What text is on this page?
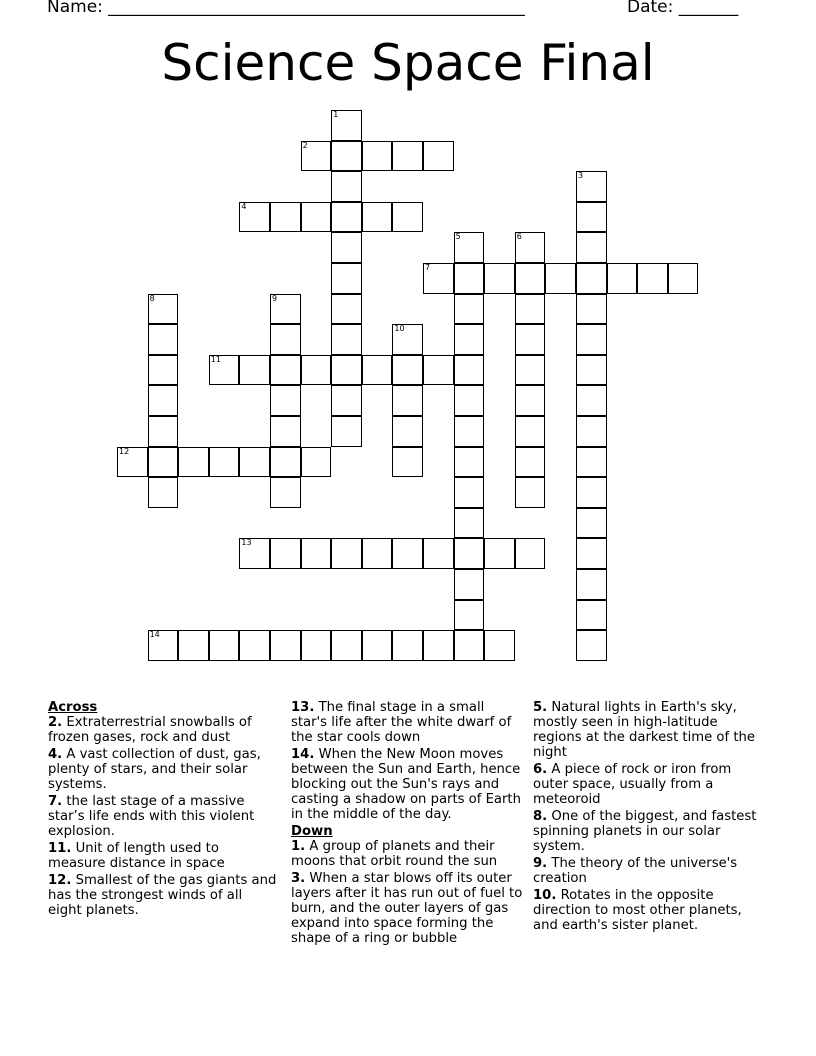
Name: _________________________________________________	Date: _______
Science Space Final
1
2
3
4
5	6
7
8	9
10
11
12
13
14
Across
2. Extraterrestrial snowballs of frozen gases, rock and dust
4. A vast collection of dust, gas, plenty of stars, and their solar systems.
7. the last stage of a massive star’s life ends with this violent explosion.
11. Unit of length used to measure distance in space
12. Smallest of the gas giants and has the strongest winds of all eight planets.
13. The final stage in a small star's life after the white dwarf of the star cools down
14. When the New Moon moves between the Sun and Earth, hence blocking out the Sun's rays and casting a shadow on parts of Earth in the middle of the day.
Down
1. A group of planets and their moons that orbit round the sun
3. When a star blows off its outer layers after it has run out of fuel to burn, and the outer layers of gas expand into space forming the shape of a ring or bubble
5. Natural lights in Earth's sky, mostly seen in high-latitude regions at the darkest time of the night
6. A piece of rock or iron from outer space, usually from a meteoroid
8. One of the biggest, and fastest spinning planets in our solar system.
9. The theory of the universe's creation
10. Rotates in the opposite direction to most other planets, and earth's sister planet.
